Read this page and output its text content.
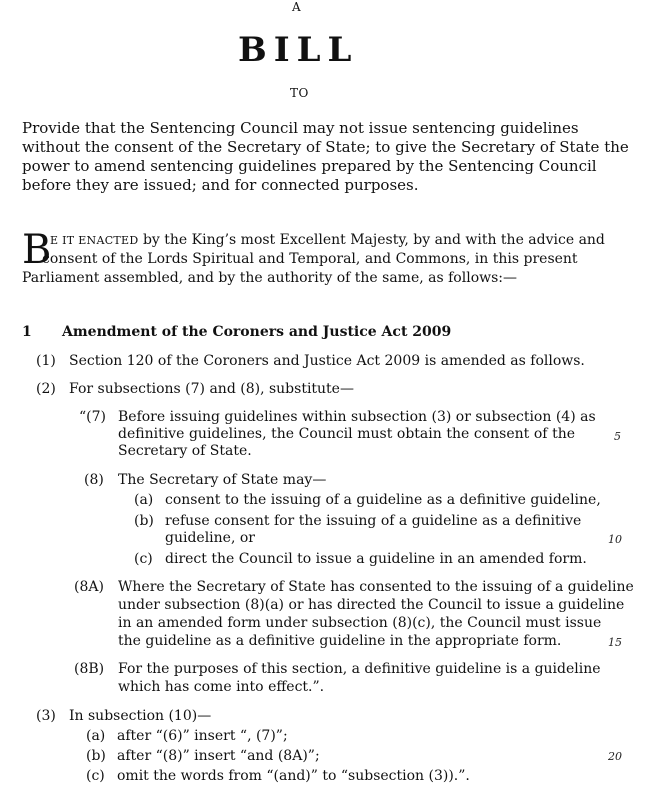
A
BILL
TO
Provide that the Sentencing Council may not issue sentencing guidelines
without the consent of the Secretary of State; to give the Secretary of State the
power to amend sentencing guidelines prepared by the Sentencing Council
before they are issued; and for connected purposes.
B
E IT ENACTED by the King’s most Excellent Majesty, by and with the advice and
consent of the Lords Spiritual and Temporal, and Commons, in this present
Parliament assembled, and by the authority of the same, as follows:—
1 Amendment of the Coroners and Justice Act 2009
(1) Section 120 of the Coroners and Justice Act 2009 is amended as follows.
(2) For subsections (7) and (8), substitute—
“(7) Before issuing guidelines within subsection (3) or subsection (4) as
definitive guidelines, the Council must obtain the consent of the
Secretary of State.
(8) The Secretary of State may—
(a) consent to the issuing of a guideline as a definitive guideline,
(b) refuse consent for the issuing of a guideline as a definitive
guideline, or
(c) direct the Council to issue a guideline in an amended form.
(8A) Where the Secretary of State has consented to the issuing of a guideline
under subsection (8)(a) or has directed the Council to issue a guideline
in an amended form under subsection (8)(c), the Council must issue
the guideline as a definitive guideline in the appropriate form.
(8B) For the purposes of this section, a definitive guideline is a guideline
which has come into effect.”.
(3) In subsection (10)—
(a) after “(6)” insert “, (7)”;
(b) after “(8)” insert “and (8A)”;
(c) omit the words from “(and)” to “subsection (3)).”.
5
10
15
20
